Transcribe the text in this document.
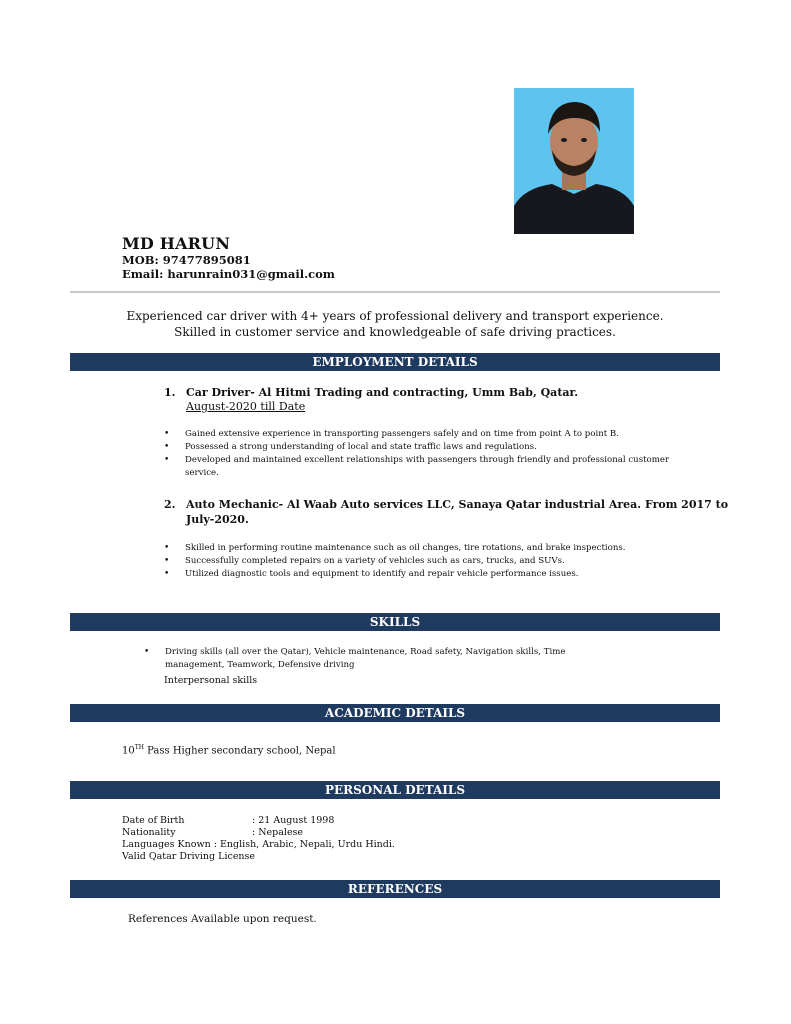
MD HARUN
MOB: 97477895081
Email: harunrain031@gmail.com
Experienced car driver with 4+ years of professional delivery and transport experience.
Skilled in customer service and knowledgeable of safe driving practices.
EMPLOYMENT DETAILS
1. Car Driver- Al Hitmi Trading and contracting, Umm Bab, Qatar.
August-2020 till Date
• Gained extensive experience in transporting passengers safely and on time from point A to point B.
• Possessed a strong understanding of local and state traffic laws and regulations.
• Developed and maintained excellent relationships with passengers through friendly and professional customer service.
2. Auto Mechanic- Al Waab Auto services LLC, Sanaya Qatar industrial Area. From 2017 to
July-2020.
• Skilled in performing routine maintenance such as oil changes, tire rotations, and brake inspections.
• Successfully completed repairs on a variety of vehicles such as cars, trucks, and SUVs.
• Utilized diagnostic tools and equipment to identify and repair vehicle performance issues.
SKILLS
• Driving skills (all over the Qatar), Vehicle maintenance, Road safety, Navigation skills, Time
management, Teamwork, Defensive driving
Interpersonal skills
ACADEMIC DETAILS
10TH Pass Higher secondary school, Nepal
PERSONAL DETAILS
Date of Birth	: 21 August 1998
Nationality	: Nepalese
Languages Known : English, Arabic, Nepali, Urdu Hindi.
Valid Qatar Driving License
REFERENCES
References Available upon request.
